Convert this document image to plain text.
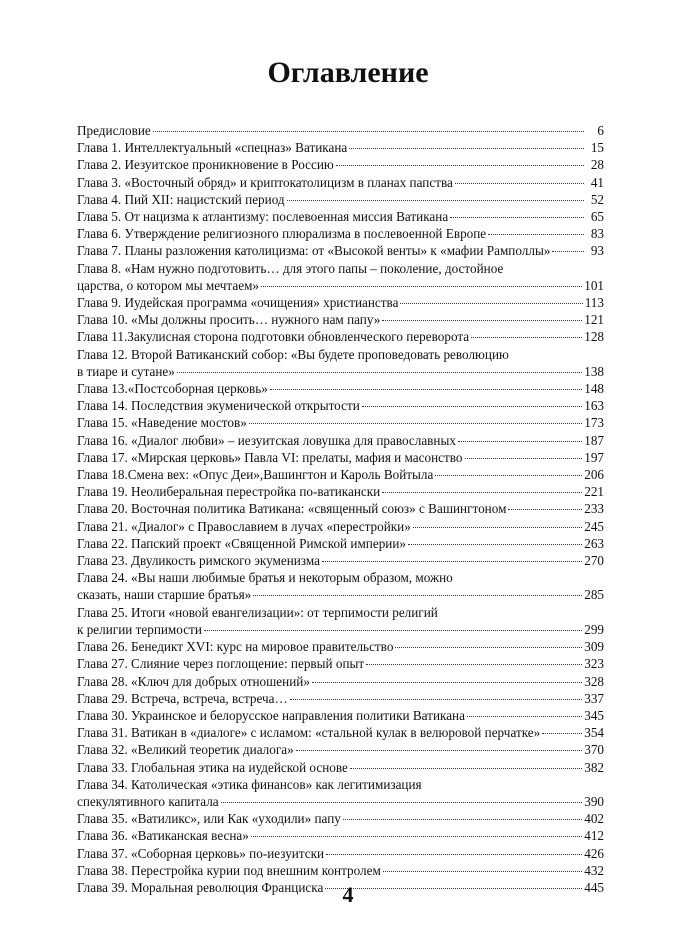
Оглавление
Предисловие	6
Глава 1. Интеллектуальный «спецназ» Ватикана	15
Глава 2. Иезуитское проникновение в Россию	28
Глава 3. «Восточный обряд» и криптокатолицизм в планах папства	41
Глава 4. Пий XII: нацистский период	52
Глава 5. От нацизма к атлантизму: послевоенная миссия Ватикана	65
Глава 6. Утверждение религиозного плюрализма в послевоенной Европе	83
Глава 7. Планы разложения католицизма: от «Высокой венты» к «мафии Рамполлы»	93
Глава 8. «Нам нужно подготовить… для этого папы – поколение, достойное
царства, о котором мы мечтаем»	101
Глава 9. Иудейская программа «очищения» христианства	113
Глава 10. «Мы должны просить… нужного нам папу»	121
Глава 11.Закулисная сторона подготовки обновленческого переворота	128
Глава 12. Второй Ватиканский собор: «Вы будете проповедовать революцию
в тиаре и сутане»	138
Глава 13.«Постсоборная церковь»	148
Глава 14. Последствия экуменической открытости	163
Глава 15. «Наведение мостов»	173
Глава 16. «Диалог любви» – иезуитская ловушка для православных	187
Глава 17. «Мирская церковь» Павла VI: прелаты, мафия и масонство	197
Глава 18.Смена вех: «Опус Деи»,Вашингтон и Кароль Войтыла	206
Глава 19. Неолиберальная перестройка по-ватикански	221
Глава 20. Восточная политика Ватикана: «священный союз» с Вашингтоном	233
Глава 21. «Диалог» с Православием в лучах «перестройки»	245
Глава 22. Папский проект «Священной Римской империи»	263
Глава 23. Двуликость римского экуменизма	270
Глава 24. «Вы наши любимые братья и некоторым образом, можно
сказать, наши старшие братья»	285
Глава 25. Итоги «новой евангелизации»: от терпимости религий
к религии терпимости	299
Глава 26. Бенедикт XVI: курс на мировое правительство	309
Глава 27. Слияние через поглощение: первый опыт	323
Глава 28. «Ключ для добрых отношений»	328
Глава 29. Встреча, встреча, встреча…	337
Глава 30. Украинское и белорусское направления политики Ватикана	345
Глава 31. Ватикан в «диалоге» с исламом: «стальной кулак в велюровой перчатке»	354
Глава 32. «Великий теоретик диалога»	370
Глава 33. Глобальная этика на иудейской основе	382
Глава 34. Католическая «этика финансов» как легитимизация
спекулятивного капитала	390
Глава 35. «Ватиликс», или Как «уходили» папу	402
Глава 36. «Ватиканская весна»	412
Глава 37. «Соборная церковь» по-иезуитски	426
Глава 38. Перестройка курии под внешним контролем	432
Глава 39. Моральная революция Франциска	445
4
